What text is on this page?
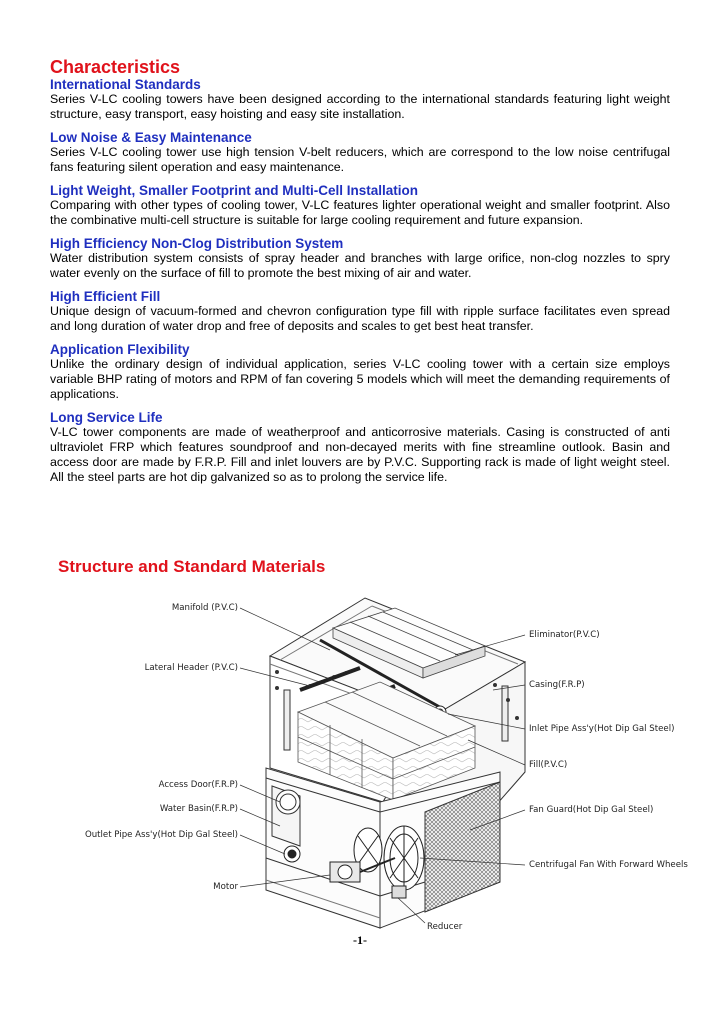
Characteristics
International Standards

Series V-LC cooling towers have been designed according to the international standards featuring light weight structure, easy transport, easy hoisting and easy site installation.

Low Noise & Easy Maintenance

Series V-LC cooling tower use high tension V-belt reducers, which are correspond to the low noise centrifugal fans featuring silent operation and easy maintenance.

Light Weight, Smaller Footprint and Multi-Cell Installation

Comparing with other types of cooling tower, V-LC features lighter operational weight and smaller footprint. Also the combinative multi-cell structure is suitable for large cooling requirement and future expansion.

High Efficiency Non-Clog Distribution System

Water distribution system consists of spray header and branches with large orifice, non-clog nozzles to spry water evenly on the surface of fill to promote the best mixing of air and water.

High Efficient Fill

Unique design of vacuum-formed and chevron configuration type fill with ripple surface facilitates even spread and long duration of water drop and free of deposits and scales to get best heat transfer.

Application Flexibility

Unlike the ordinary design of individual application, series V-LC cooling tower with a certain size employs variable BHP rating of motors and RPM of fan covering 5 models which will meet the demanding requirements of applications.

Long Service Life

V-LC tower components are made of weatherproof and anticorrosive materials. Casing is constructed of anti ultraviolet FRP which features soundproof and non-decayed merits with fine streamline outlook. Basin and access door are made by F.R.P. Fill and inlet louvers are by P.V.C. Supporting rack is made of light weight steel. All the steel parts are hot dip galvanized so as to prolong the service life.

Structure and Standard Materials
Manifold (P.V.C)
Lateral Header (P.V.C)
Access Door(F.R.P)
Water Basin(F.R.P)
Outlet Pipe Ass'y(Hot Dip Gal Steel)
Motor
Eliminator(P.V.C)
Casing(F.R.P)
Inlet Pipe Ass'y(Hot Dip Gal Steel)
Fill(P.V.C)
Fan Guard(Hot Dip Gal Steel)
Centrifugal Fan With Forward Wheels
Reducer
-1-
